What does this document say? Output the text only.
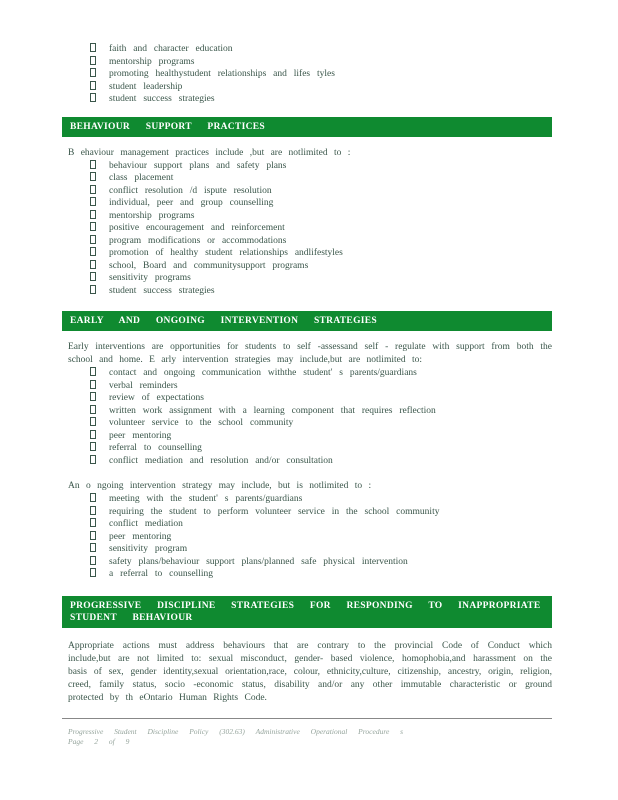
faith and character education
mentorship programs
promoting healthystudent relationships and lifes tyles
student leadership
student success strategies
BEHAVIOUR SUPPORT PRACTICES

B ehaviour management practices include ,but are notlimited to :

behaviour support plans and safety plans
class placement
conflict resolution /d ispute resolution
individual, peer and group counselling
mentorship programs
positive encouragement and reinforcement
program modifications or accommodations
promotion of healthy student relationships andlifestyles
school, Board and communitysupport programs
sensitivity programs
student success strategies
EARLY AND ONGOING INTERVENTION STRATEGIES

Early interventions are opportunities for students to self -assessand self - regulate with support from both the school and home. E arly intervention strategies may include,but are notlimited to:

contact and ongoing communication withthe student' s parents/guardians
verbal reminders
review of expectations
written work assignment with a learning component that requires reflection
volunteer service to the school community
peer mentoring
referral to counselling
conflict mediation and resolution and/or consultation

An o ngoing intervention strategy may include, but is notlimited to :

meeting with the student' s parents/guardians
requiring the student to perform volunteer service in the school community
conflict mediation
peer mentoring
sensitivity program
safety plans/behaviour support plans/planned safe physical intervention
a referral to counselling
PROGRESSIVE DISCIPLINE STRATEGIES FOR RESPONDING TO INAPPROPRIATE
STUDENT BEHAVIOUR

Appropriate actions must address behaviours that are contrary to the provincial Code of Conduct which include,but are not limited to: sexual misconduct, gender- based violence, homophobia,and harassment on the basis of sex, gender identity,sexual orientation,race, colour, ethnicity,culture, citizenship, ancestry, origin, religion, creed, family status, socio -economic status, disability and/or any other immutable characteristic or ground protected by th eOntario Human Rights Code.

Progressive Student Discipline Policy (302.63) Administrative Operational Procedure s
Page 2 of 9
